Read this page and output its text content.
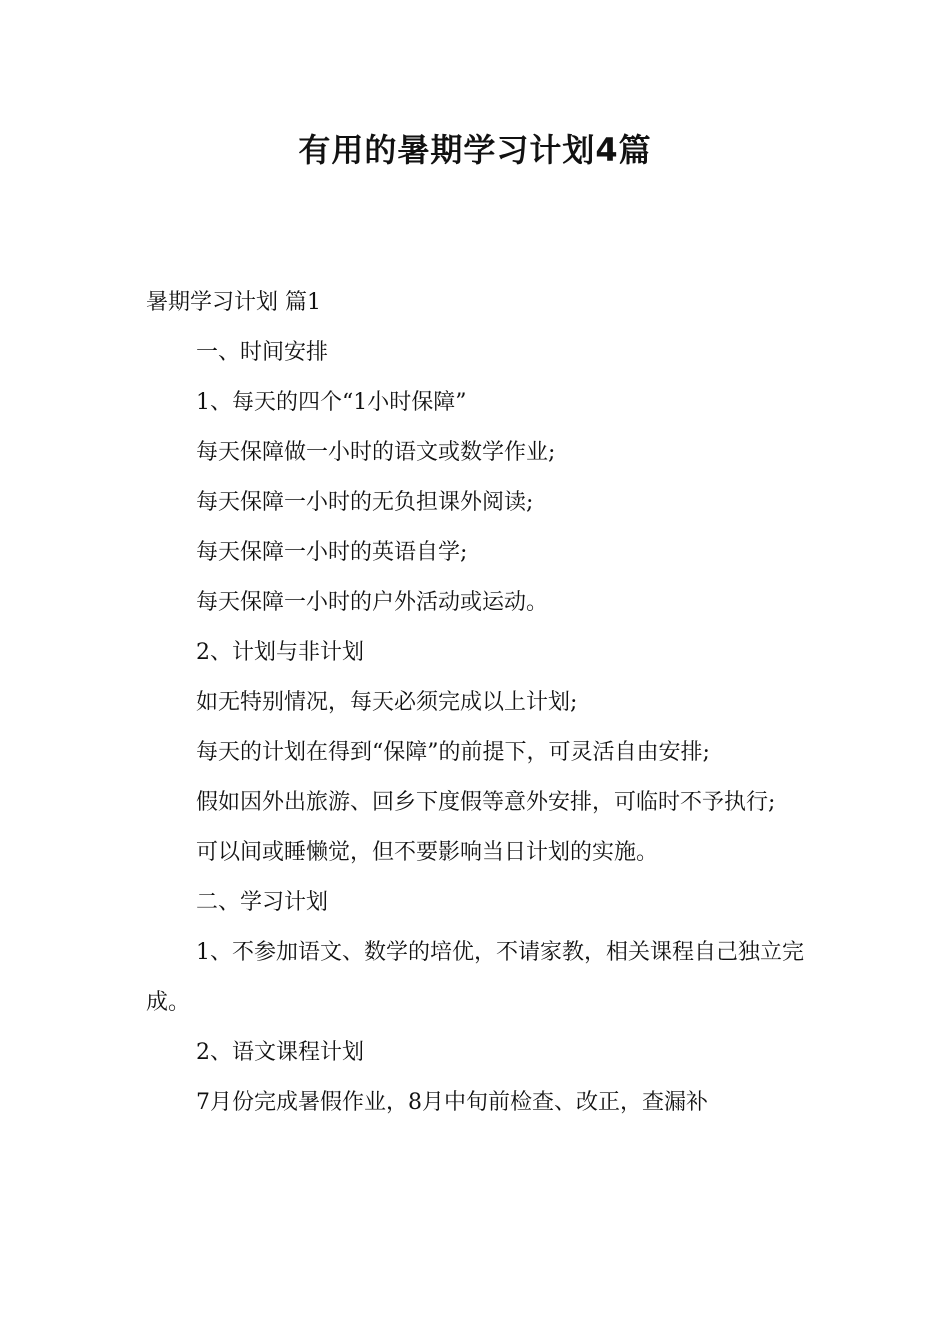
有用的暑期学习计划4篇

暑期学习计划 篇1

一、时间安排

1、每天的四个“1小时保障”

每天保障做一小时的语文或数学作业;

每天保障一小时的无负担课外阅读;

每天保障一小时的英语自学;

每天保障一小时的户外活动或运动。

2、计划与非计划

如无特别情况，每天必须完成以上计划;

每天的计划在得到“保障”的前提下，可灵活自由安排;

假如因外出旅游、回乡下度假等意外安排，可临时不予执行;

可以间或睡懒觉，但不要影响当日计划的实施。

二、学习计划

1、不参加语文、数学的培优，不请家教，相关课程自己独立完成。

2、语文课程计划

7月份完成暑假作业，8月中旬前检查、改正，查漏补
